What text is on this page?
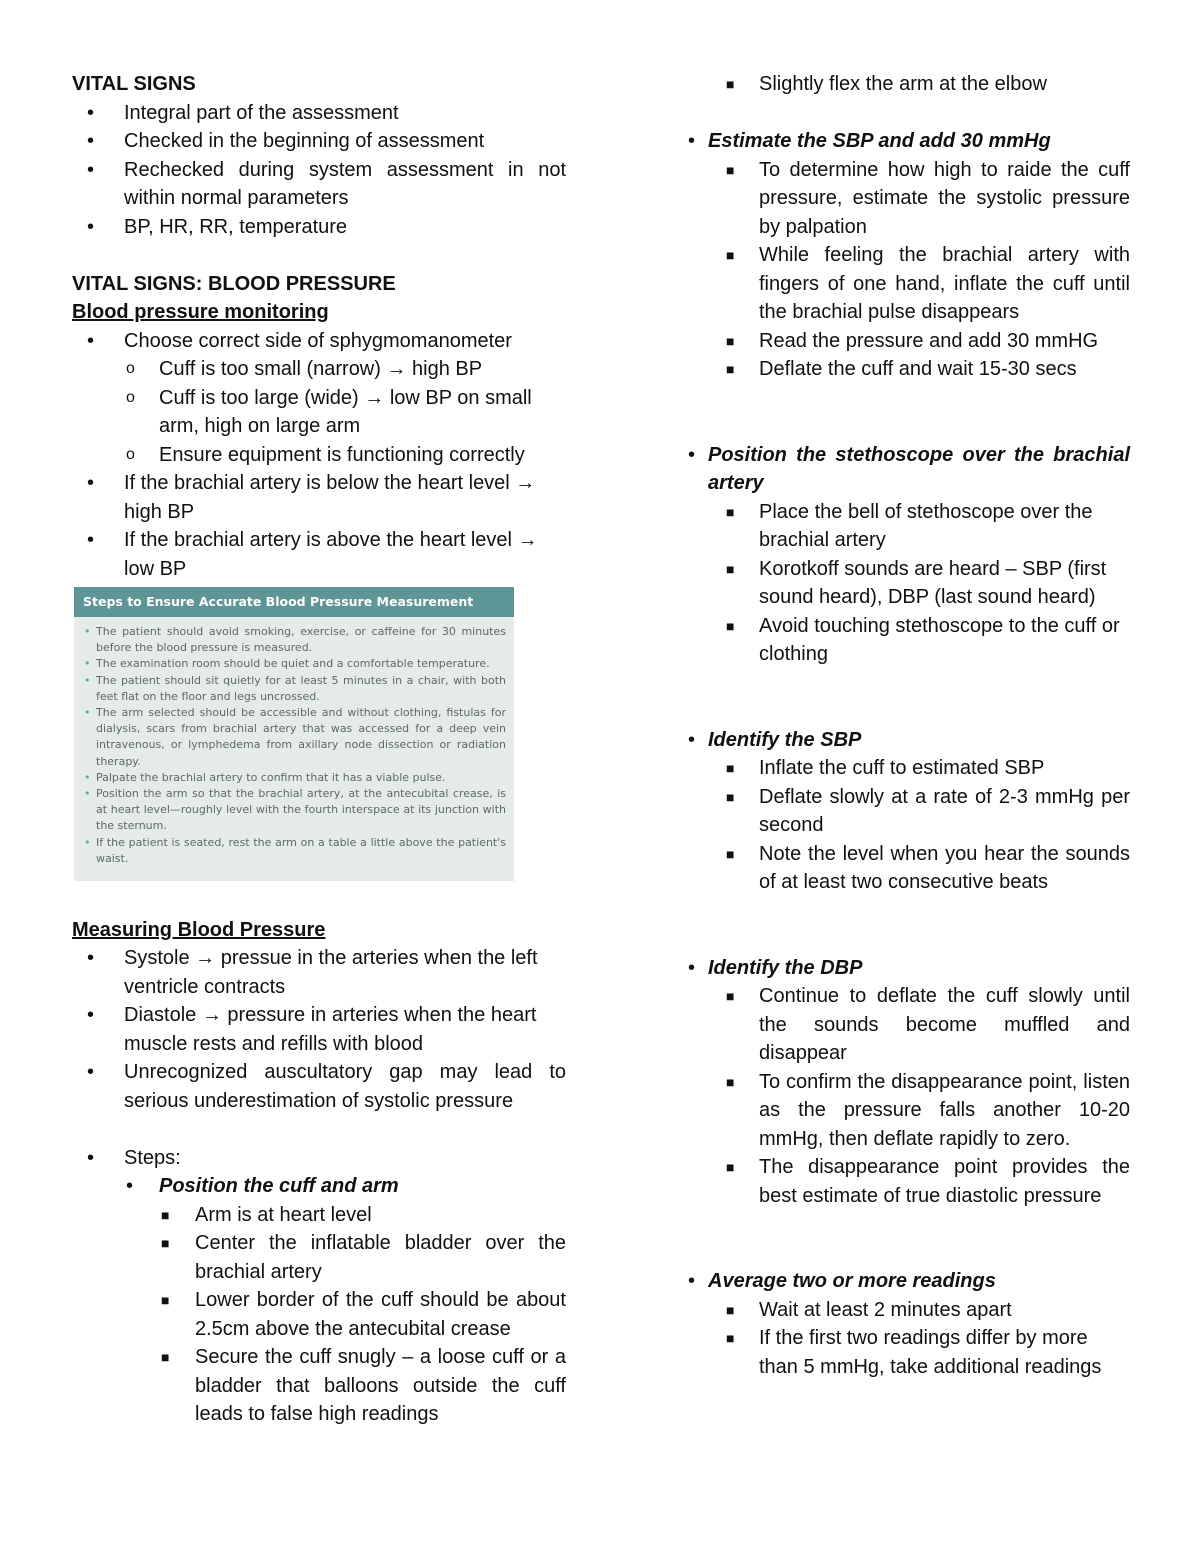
VITAL SIGNS
• Integral part of the assessment
• Checked in the beginning of assessment
• Rechecked during system assessment in not within normal parameters
• BP, HR, RR, temperature
VITAL SIGNS: BLOOD PRESSURE
Blood pressure monitoring
• Choose correct side of sphygmomanometer
o Cuff is too small (narrow) → high BP
o Cuff is too large (wide) → low BP on small arm, high on large arm
o Ensure equipment is functioning correctly
• If the brachial artery is below the heart level → high BP
• If the brachial artery is above the heart level → low BP
Steps to Ensure Accurate Blood Pressure Measurement
• The patient should avoid smoking, exercise, or caffeine for 30 minutes before the blood pressure is measured.
• The examination room should be quiet and a comfortable temperature.
• The patient should sit quietly for at least 5 minutes in a chair, with both feet flat on the floor and legs uncrossed.
• The arm selected should be accessible and without clothing, fistulas for dialysis, scars from brachial artery that was accessed for a deep vein intravenous, or lymphedema from axillary node dissection or radiation therapy.
• Palpate the brachial artery to confirm that it has a viable pulse.
• Position the arm so that the brachial artery, at the antecubital crease, is at heart level—roughly level with the fourth interspace at its junction with the sternum.
• If the patient is seated, rest the arm on a table a little above the patient's waist.
Measuring Blood Pressure
• Systole → pressue in the arteries when the left ventricle contracts
• Diastole → pressure in arteries when the heart muscle rests and refills with blood
• Unrecognized auscultatory gap may lead to serious underestimation of systolic pressure
• Steps:
• Position the cuff and arm
■ Arm is at heart level
■ Center the inflatable bladder over the brachial artery
■ Lower border of the cuff should be about 2.5cm above the antecubital crease
■ Secure the cuff snugly – a loose cuff or a bladder that balloons outside the cuff leads to false high readings
■ Slightly flex the arm at the elbow
• Estimate the SBP and add 30 mmHg
■ To determine how high to raide the cuff pressure, estimate the systolic pressure by palpation
■ While feeling the brachial artery with fingers of one hand, inflate the cuff until the brachial pulse disappears
■ Read the pressure and add 30 mmHG
■ Deflate the cuff and wait 15-30 secs
• Position the stethoscope over the brachial artery
■ Place the bell of stethoscope over the brachial artery
■ Korotkoff sounds are heard – SBP (first sound heard), DBP (last sound heard)
■ Avoid touching stethoscope to the cuff or clothing
• Identify the SBP
■ Inflate the cuff to estimated SBP
■ Deflate slowly at a rate of 2-3 mmHg per second
■ Note the level when you hear the sounds of at least two consecutive beats
• Identify the DBP
■ Continue to deflate the cuff slowly until the sounds become muffled and disappear
■ To confirm the disappearance point, listen as the pressure falls another 10-20 mmHg, then deflate rapidly to zero.
■ The disappearance point provides the best estimate of true diastolic pressure
• Average two or more readings
■ Wait at least 2 minutes apart
■ If the first two readings differ by more than 5 mmHg, take additional readings
